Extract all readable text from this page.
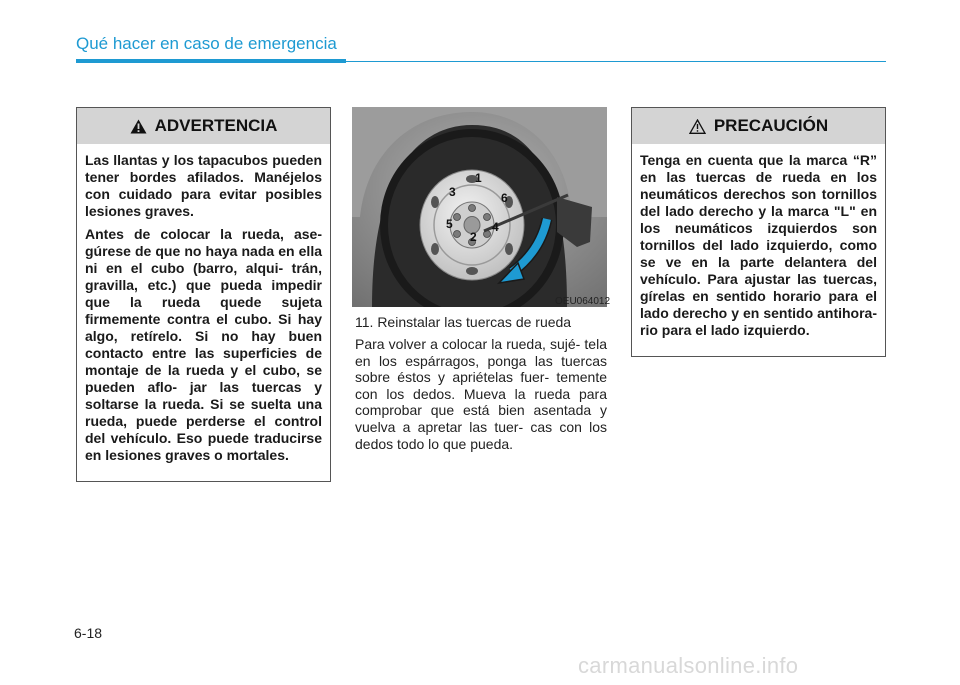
Qué hacer en caso de emergencia
ADVERTENCIA

Las llantas y los tapacubos pueden tener bordes afilados. Manéjelos con cuidado para evitar posibles lesiones graves.

Antes de colocar la rueda, ase- gúrese de que no haya nada en ella ni en el cubo (barro, alqui- trán, gravilla, etc.) que pueda impedir que la rueda quede sujeta firmemente contra el cubo. Si hay algo, retírelo. Si no hay buen contacto entre las superficies de montaje de la rueda y el cubo, se pueden aflo- jar las tuercas y soltarse la rueda. Si se suelta una rueda, puede perderse el control del vehículo. Eso puede traducirse en lesiones graves o mortales.

1
6
4
2
5
3
OEU064012
11. Reinstalar las tuercas de rueda

Para volver a colocar la rueda, sujé- tela en los espárragos, ponga las tuercas sobre éstos y apriételas fuer- temente con los dedos. Mueva la rueda para comprobar que está bien asentada y vuelva a apretar las tuer- cas con los dedos todo lo que pueda.

PRECAUCIÓN

Tenga en cuenta que la marca “R” en las tuercas de rueda en los neumáticos derechos son tornillos del lado derecho y la marca "L" en los neumáticos izquierdos son tornillos del lado izquierdo, como se ve en la parte delantera del vehículo. Para ajustar las tuercas, gírelas en sentido horario para el lado derecho y en sentido antihora- rio para el lado izquierdo.

6-18
carmanualsonline.info
